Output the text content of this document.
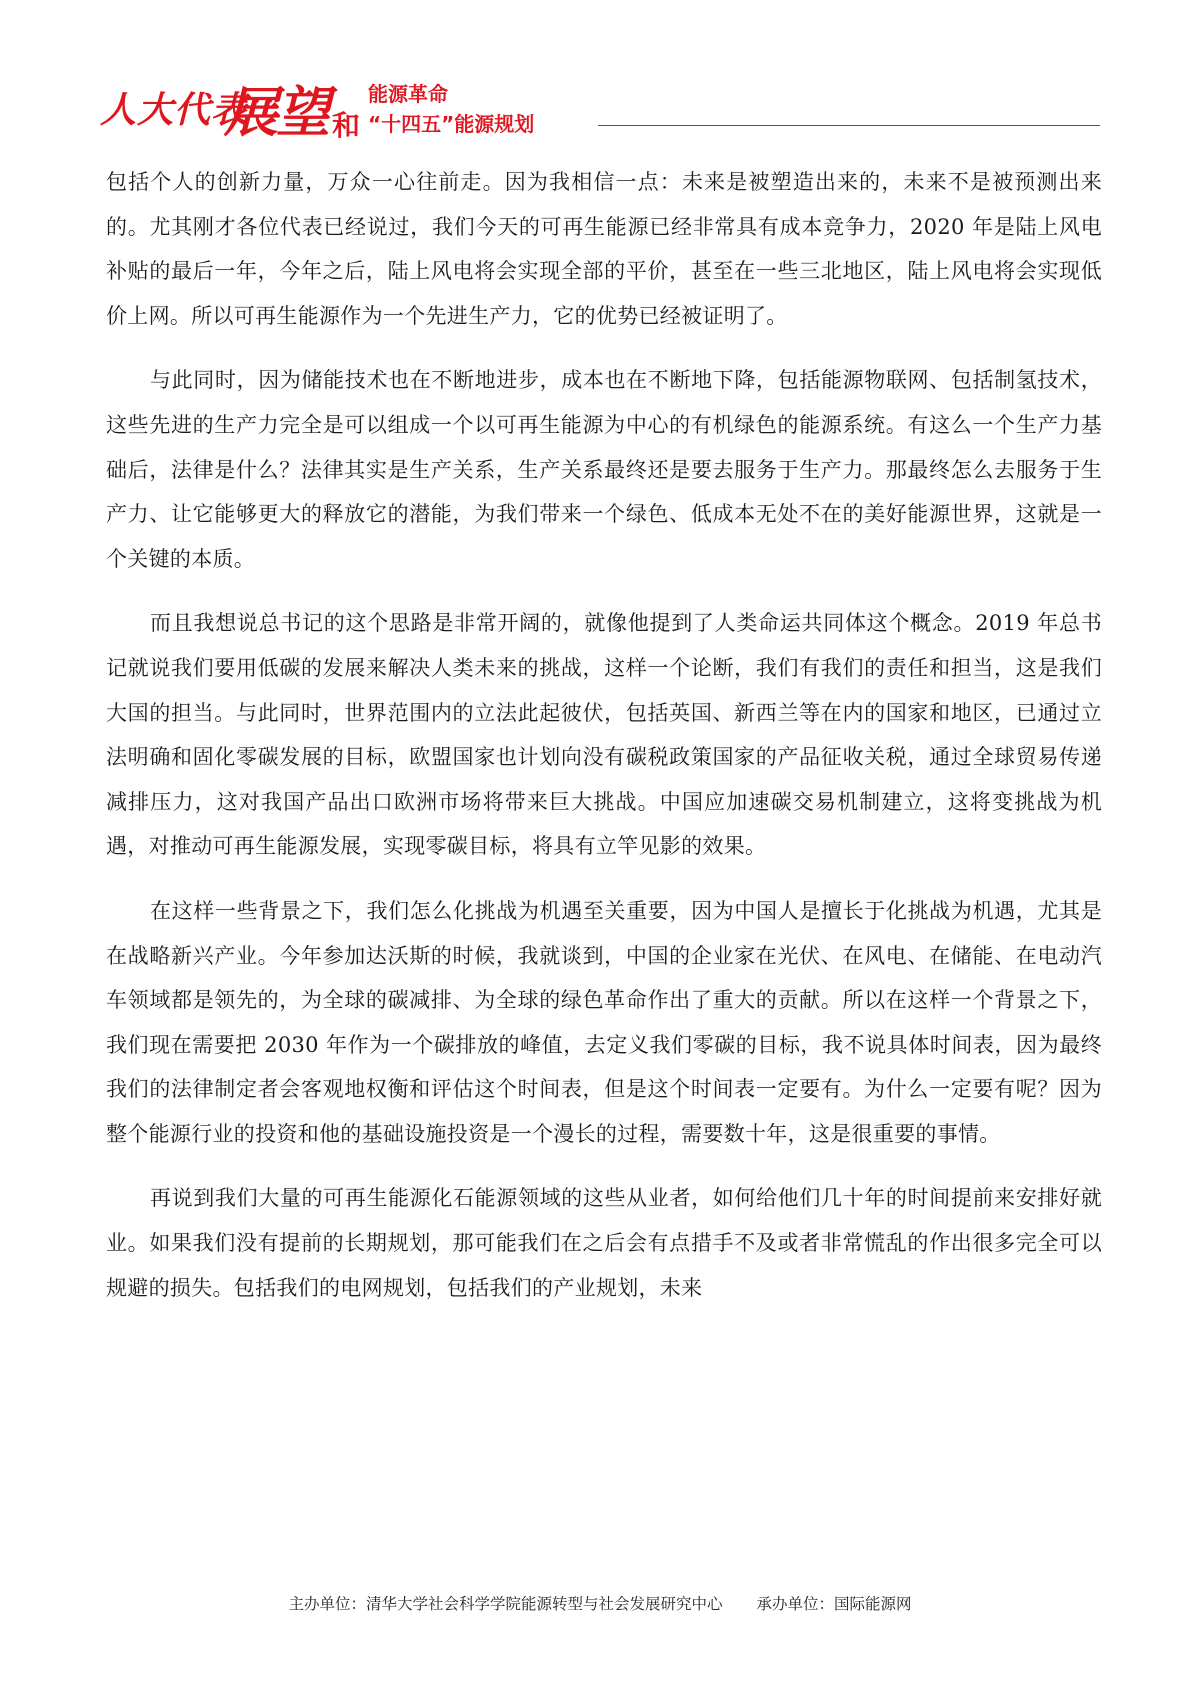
人大代表
展望 和
能源革命
“十四五”能源规划

包括个人的创新力量，万众一心往前走。因为我相信一点：未来是被塑造出来的，未来不是被预测出来的。尤其刚才各位代表已经说过，我们今天的可再生能源已经非常具有成本竞争力，2020 年是陆上风电补贴的最后一年，今年之后，陆上风电将会实现全部的平价，甚至在一些三北地区，陆上风电将会实现低价上网。所以可再生能源作为一个先进生产力，它的优势已经被证明了。

与此同时，因为储能技术也在不断地进步，成本也在不断地下降，包括能源物联网、包括制氢技术，这些先进的生产力完全是可以组成一个以可再生能源为中心的有机绿色的能源系统。有这么一个生产力基础后，法律是什么？法律其实是生产关系，生产关系最终还是要去服务于生产力。那最终怎么去服务于生产力、让它能够更大的释放它的潜能，为我们带来一个绿色、低成本无处不在的美好能源世界，这就是一个关键的本质。

而且我想说总书记的这个思路是非常开阔的，就像他提到了人类命运共同体这个概念。2019 年总书记就说我们要用低碳的发展来解决人类未来的挑战，这样一个论断，我们有我们的责任和担当，这是我们大国的担当。与此同时，世界范围内的立法此起彼伏，包括英国、新西兰等在内的国家和地区，已通过立法明确和固化零碳发展的目标，欧盟国家也计划向没有碳税政策国家的产品征收关税，通过全球贸易传递减排压力，这对我国产品出口欧洲市场将带来巨大挑战。中国应加速碳交易机制建立，这将变挑战为机遇，对推动可再生能源发展，实现零碳目标，将具有立竿见影的效果。

在这样一些背景之下，我们怎么化挑战为机遇至关重要，因为中国人是擅长于化挑战为机遇，尤其是在战略新兴产业。今年参加达沃斯的时候，我就谈到，中国的企业家在光伏、在风电、在储能、在电动汽车领域都是领先的，为全球的碳减排、为全球的绿色革命作出了重大的贡献。所以在这样一个背景之下，我们现在需要把 2030 年作为一个碳排放的峰值，去定义我们零碳的目标，我不说具体时间表，因为最终我们的法律制定者会客观地权衡和评估这个时间表，但是这个时间表一定要有。为什么一定要有呢？因为整个能源行业的投资和他的基础设施投资是一个漫长的过程，需要数十年，这是很重要的事情。

再说到我们大量的可再生能源化石能源领域的这些从业者，如何给他们几十年的时间提前来安排好就业。如果我们没有提前的长期规划，那可能我们在之后会有点措手不及或者非常慌乱的作出很多完全可以规避的损失。包括我们的电网规划，包括我们的产业规划，未来

主办单位：清华大学社会科学学院能源转型与社会发展研究中心 承办单位：国际能源网
